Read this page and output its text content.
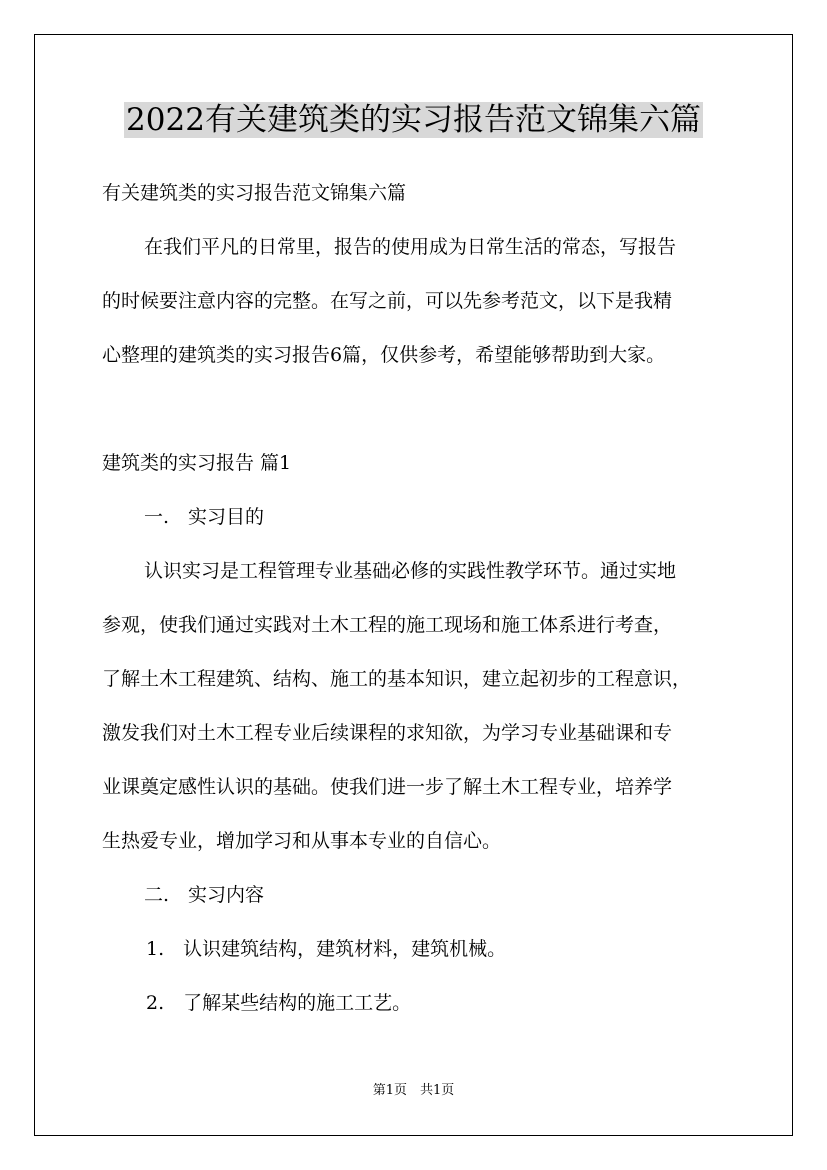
2022有关建筑类的实习报告范文锦集六篇
有关建筑类的实习报告范文锦集六篇
在我们平凡的日常里，报告的使用成为日常生活的常态，写报告
的时候要注意内容的完整。在写之前，可以先参考范文，以下是我精
心整理的建筑类的实习报告6篇，仅供参考，希望能够帮助到大家。
建筑类的实习报告 篇1
一.　实习目的
认识实习是工程管理专业基础必修的实践性教学环节。通过实地
参观，使我们通过实践对土木工程的施工现场和施工体系进行考查，
了解土木工程建筑、结构、施工的基本知识，建立起初步的工程意识，
激发我们对土木工程专业后续课程的求知欲，为学习专业基础课和专
业课奠定感性认识的基础。使我们进一步了解土木工程专业，培养学
生热爱专业，增加学习和从事本专业的自信心。
二.　实习内容
1.　认识建筑结构，建筑材料，建筑机械。
2.　了解某些结构的施工工艺。
第1页　共1页
